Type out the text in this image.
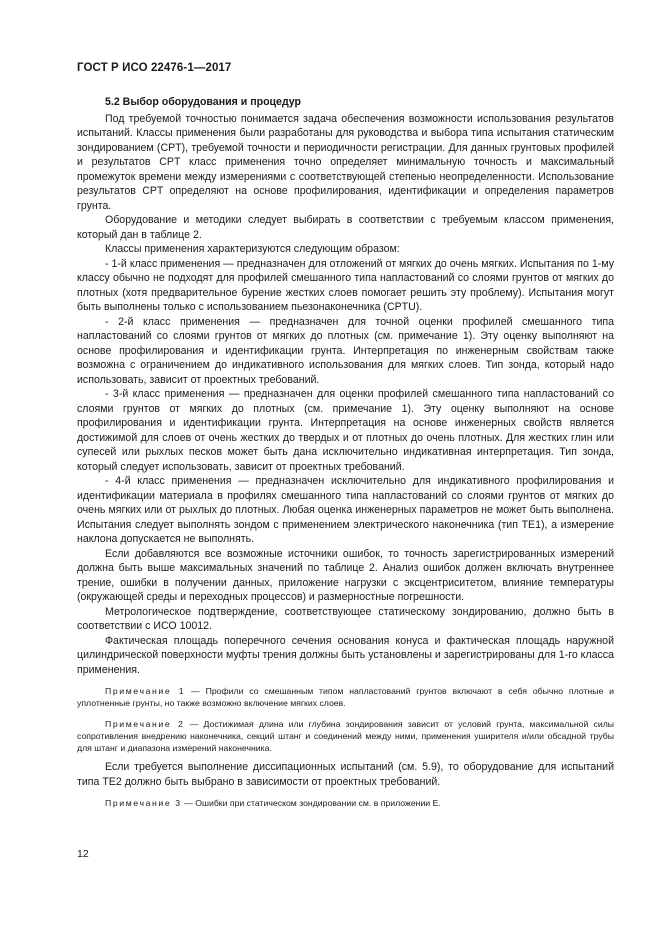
ГОСТ Р ИСО 22476-1—2017
5.2 Выбор оборудования и процедур

Под требуемой точностью понимается задача обеспечения возможности использования результатов испытаний. Классы применения были разработаны для руководства и выбора типа испытания статическим зондированием (CPT), требуемой точности и периодичности регистрации. Для данных грунтовых профилей и результатов CPT класс применения точно определяет минимальную точность и максимальный промежуток времени между измерениями с соответствующей степенью неопределенности. Использование результатов CPT определяют на основе профилирования, идентификации и определения параметров грунта.

Оборудование и методики следует выбирать в соответствии с требуемым классом применения, который дан в таблице 2.

Классы применения характеризуются следующим образом:

- 1-й класс применения — предназначен для отложений от мягких до очень мягких. Испытания по 1-му классу обычно не подходят для профилей смешанного типа напластований со слоями грунтов от мягких до плотных (хотя предварительное бурение жестких слоев помогает решить эту проблему). Испытания могут быть выполнены только с использованием пьезонаконечника (CPTU).

- 2-й класс применения — предназначен для точной оценки профилей смешанного типа напластований со слоями грунтов от мягких до плотных (см. примечание 1). Эту оценку выполняют на основе профилирования и идентификации грунта. Интерпретация по инженерным свойствам также возможна с ограничением до индикативного использования для мягких слоев. Тип зонда, который надо использовать, зависит от проектных требований.

- 3-й класс применения — предназначен для оценки профилей смешанного типа напластований со слоями грунтов от мягких до плотных (см. примечание 1). Эту оценку выполняют на основе профилирования и идентификации грунта. Интерпретация на основе инженерных свойств является достижимой для слоев от очень жестких до твердых и от плотных до очень плотных. Для жестких глин или супесей или рыхлых песков может быть дана исключительно индикативная интерпретация. Тип зонда, который следует использовать, зависит от проектных требований.

- 4-й класс применения — предназначен исключительно для индикативного профилирования и идентификации материала в профилях смешанного типа напластований со слоями грунтов от мягких до очень мягких или от рыхлых до плотных. Любая оценка инженерных параметров не может быть выполнена. Испытания следует выполнять зондом с применением электрического наконечника (тип TE1), а измерение наклона допускается не выполнять.

Если добавляются все возможные источники ошибок, то точность зарегистрированных измерений должна быть выше максимальных значений по таблице 2. Анализ ошибок должен включать внутреннее трение, ошибки в получении данных, приложение нагрузки с эксцентриситетом, влияние температуры (окружающей среды и переходных процессов) и размерностные погрешности.

Метрологическое подтверждение, соответствующее статическому зондированию, должно быть в соответствии с ИСО 10012.

Фактическая площадь поперечного сечения основания конуса и фактическая площадь наружной цилиндрической поверхности муфты трения должны быть установлены и зарегистрированы для 1-го класса применения.

Примечание 1 — Профили со смешанным типом напластований грунтов включают в себя обычно плотные и уплотненные грунты, но также возможно включение мягких слоев.
Примечание 2 — Достижимая длина или глубина зондирования зависит от условий грунта, максимальной силы сопротивления внедрению наконечника, секций штанг и соединений между ними, применения уширителя и/или обсадной трубы для штанг и диапазона измерений наконечника.

Если требуется выполнение диссипационных испытаний (см. 5.9), то оборудование для испытаний типа TE2 должно быть выбрано в зависимости от проектных требований.

Примечание 3 — Ошибки при статическом зондировании см. в приложении Е.
12
